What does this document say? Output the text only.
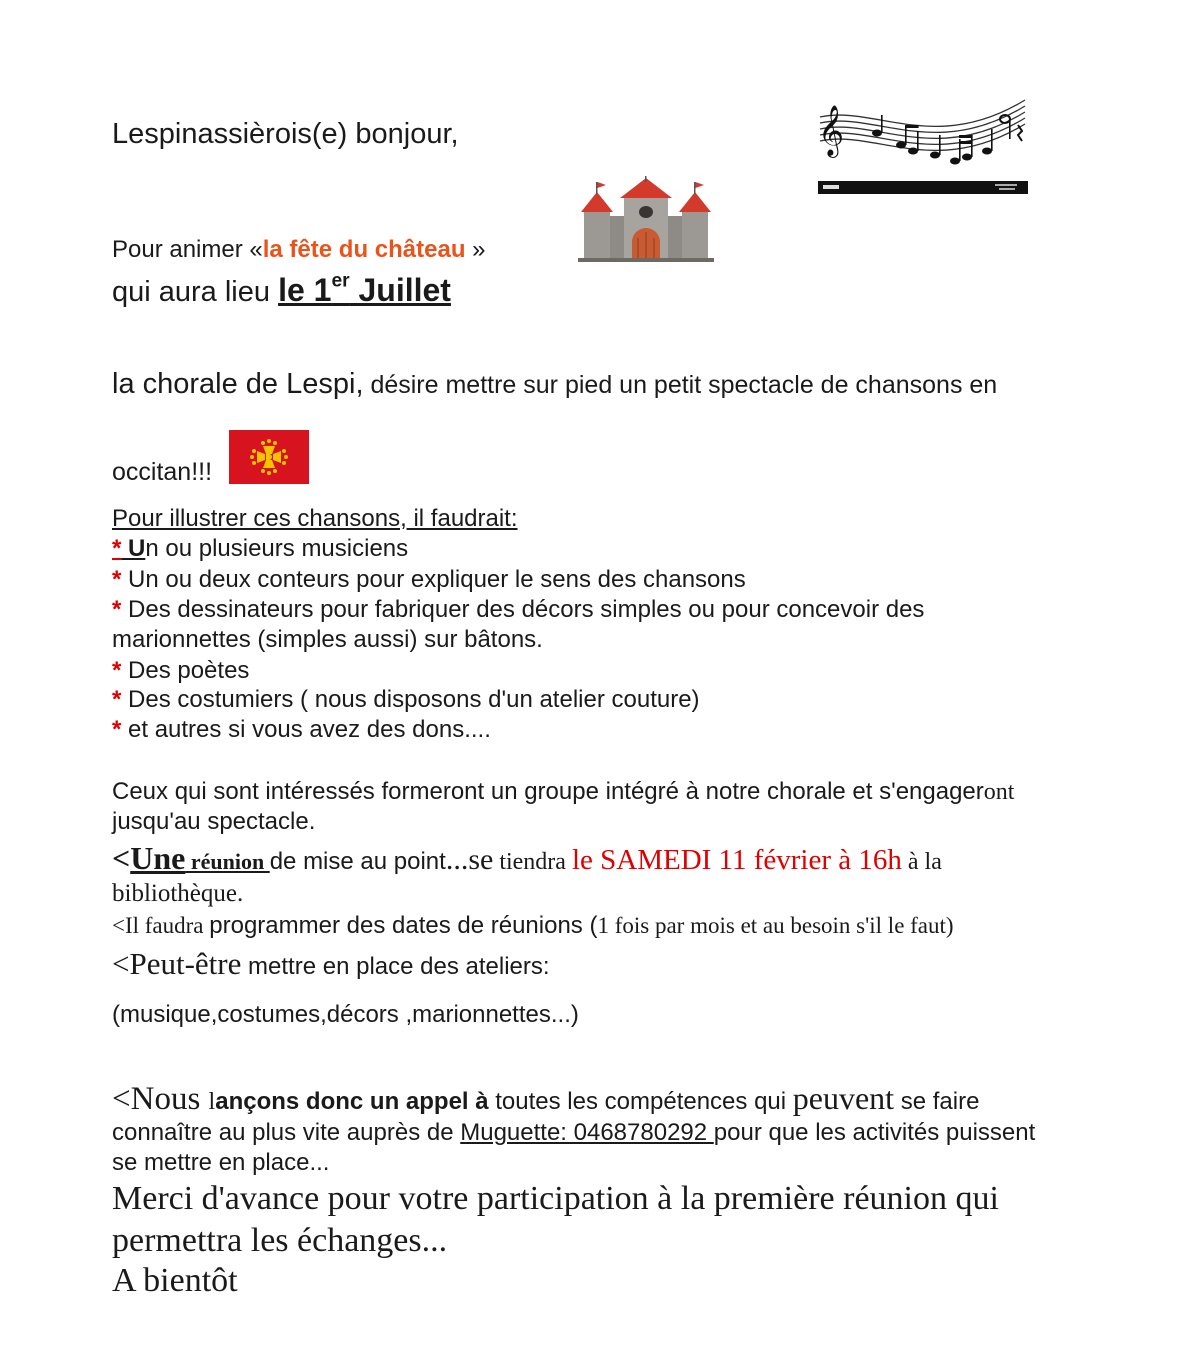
Lespinassièrois(e) bonjour,	𝄞
Pour animer «la fête du château »
qui aura lieu le 1er Juillet
la chorale de Lespi, désire mettre sur pied un petit spectacle de chansons en
occitan!!!
Pour illustrer ces chansons, il faudrait:
* Un ou plusieurs musiciens
* Un ou deux conteurs pour expliquer le sens des chansons
* Des dessinateurs pour fabriquer des décors simples ou pour concevoir des
marionnettes (simples aussi) sur bâtons.
* Des poètes
* Des costumiers ( nous disposons d'un atelier couture)
* et autres si vous avez des dons....
Ceux qui sont intéressés formeront un groupe intégré à notre chorale et s'engageront
jusqu'au spectacle.
<Une réunion de mise au point...se tiendra le SAMEDI 11 février à 16h à la
bibliothèque.
<Il faudra programmer des dates de réunions (1 fois par mois et au besoin s'il le faut)
<Peut-être mettre en place des ateliers:
(musique,costumes,décors ,marionnettes...)
<Nous lançons donc un appel à toutes les compétences qui peuvent se faire
connaître au plus vite auprès de Muguette: 0468780292 pour que les activités puissent
se mettre en place...
Merci d'avance pour votre participation à la première réunion qui
permettra les échanges...
A bientôt
